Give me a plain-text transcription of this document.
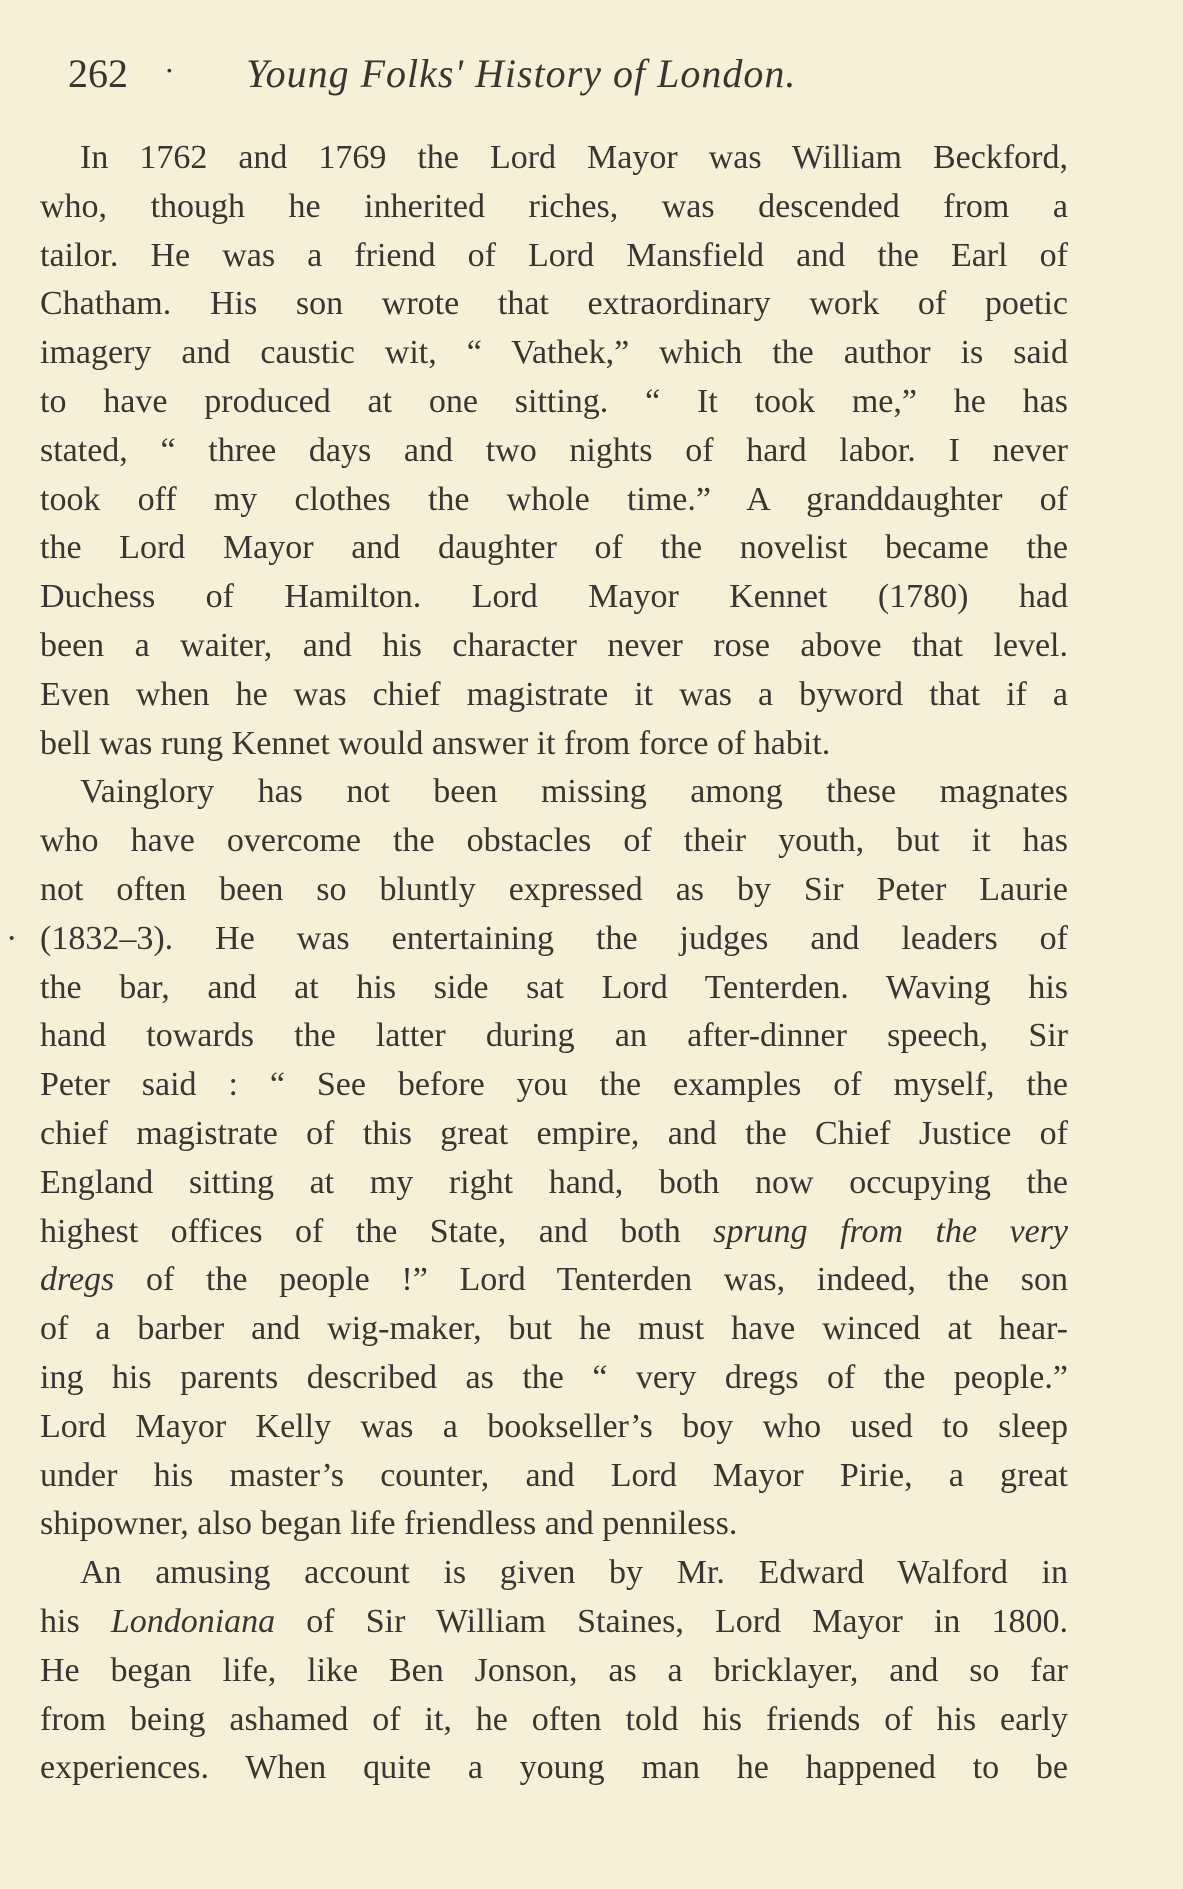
262 · Young Folks' History of London.
In 1762 and 1769 the Lord Mayor was William Beckford,
who, though he inherited riches, was descended from a
tailor. He was a friend of Lord Mansfield and the Earl of
Chatham. His son wrote that extraordinary work of poetic
imagery and caustic wit, “ Vathek,” which the author is said
to have produced at one sitting. “ It took me,” he has
stated, “ three days and two nights of hard labor. I never
took off my clothes the whole time.” A granddaughter of
the Lord Mayor and daughter of the novelist became the
Duchess of Hamilton. Lord Mayor Kennet (1780) had
been a waiter, and his character never rose above that level.
Even when he was chief magistrate it was a byword that if a
bell was rung Kennet would answer it from force of habit.
Vainglory has not been missing among these magnates
who have overcome the obstacles of their youth, but it has
not often been so bluntly expressed as by Sir Peter Laurie
· (1832–3). He was entertaining the judges and leaders of
the bar, and at his side sat Lord Tenterden. Waving his
hand towards the latter during an after-dinner speech, Sir
Peter said : “ See before you the examples of myself, the
chief magistrate of this great empire, and the Chief Justice of
England sitting at my right hand, both now occupying the
highest offices of the State, and both sprung from the very
dregs of the people !” Lord Tenterden was, indeed, the son
of a barber and wig-maker, but he must have winced at hear-
ing his parents described as the “ very dregs of the people.”
Lord Mayor Kelly was a bookseller’s boy who used to sleep
under his master’s counter, and Lord Mayor Pirie, a great
shipowner, also began life friendless and penniless.
An amusing account is given by Mr. Edward Walford in
his Londoniana of Sir William Staines, Lord Mayor in 1800.
He began life, like Ben Jonson, as a bricklayer, and so far
from being ashamed of it, he often told his friends of his early
experiences. When quite a young man he happened to be
